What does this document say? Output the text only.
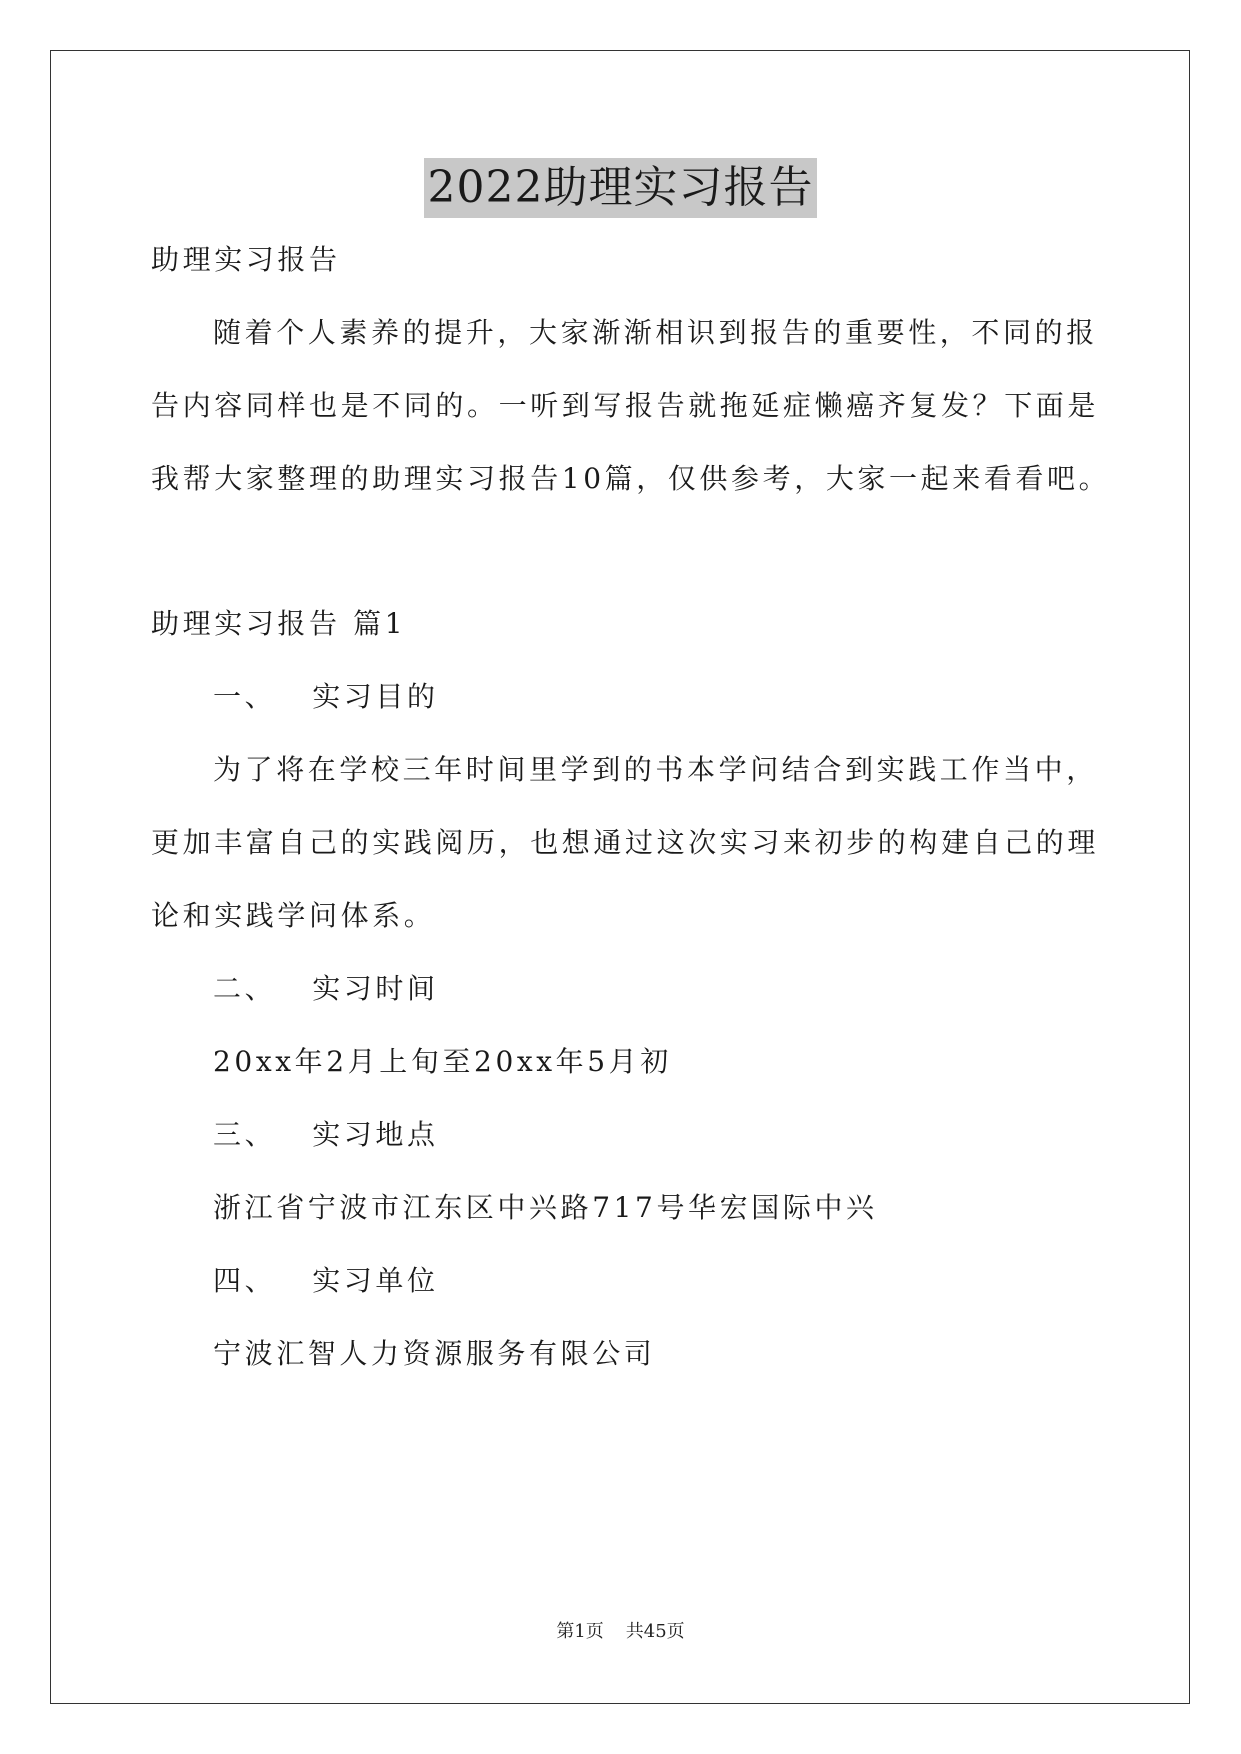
2022助理实习报告
助理实习报告
随着个人素养的提升，大家渐渐相识到报告的重要性，不同的报
告内容同样也是不同的。一听到写报告就拖延症懒癌齐复发？下面是
我帮大家整理的助理实习报告10篇，仅供参考，大家一起来看看吧。
助理实习报告 篇1
一、 实习目的
为了将在学校三年时间里学到的书本学问结合到实践工作当中，
更加丰富自己的实践阅历，也想通过这次实习来初步的构建自己的理
论和实践学问体系。
二、 实习时间
20xx年2月上旬至20xx年5月初
三、 实习地点
浙江省宁波市江东区中兴路717号华宏国际中兴
四、 实习单位
宁波汇智人力资源服务有限公司
第1页 共45页
